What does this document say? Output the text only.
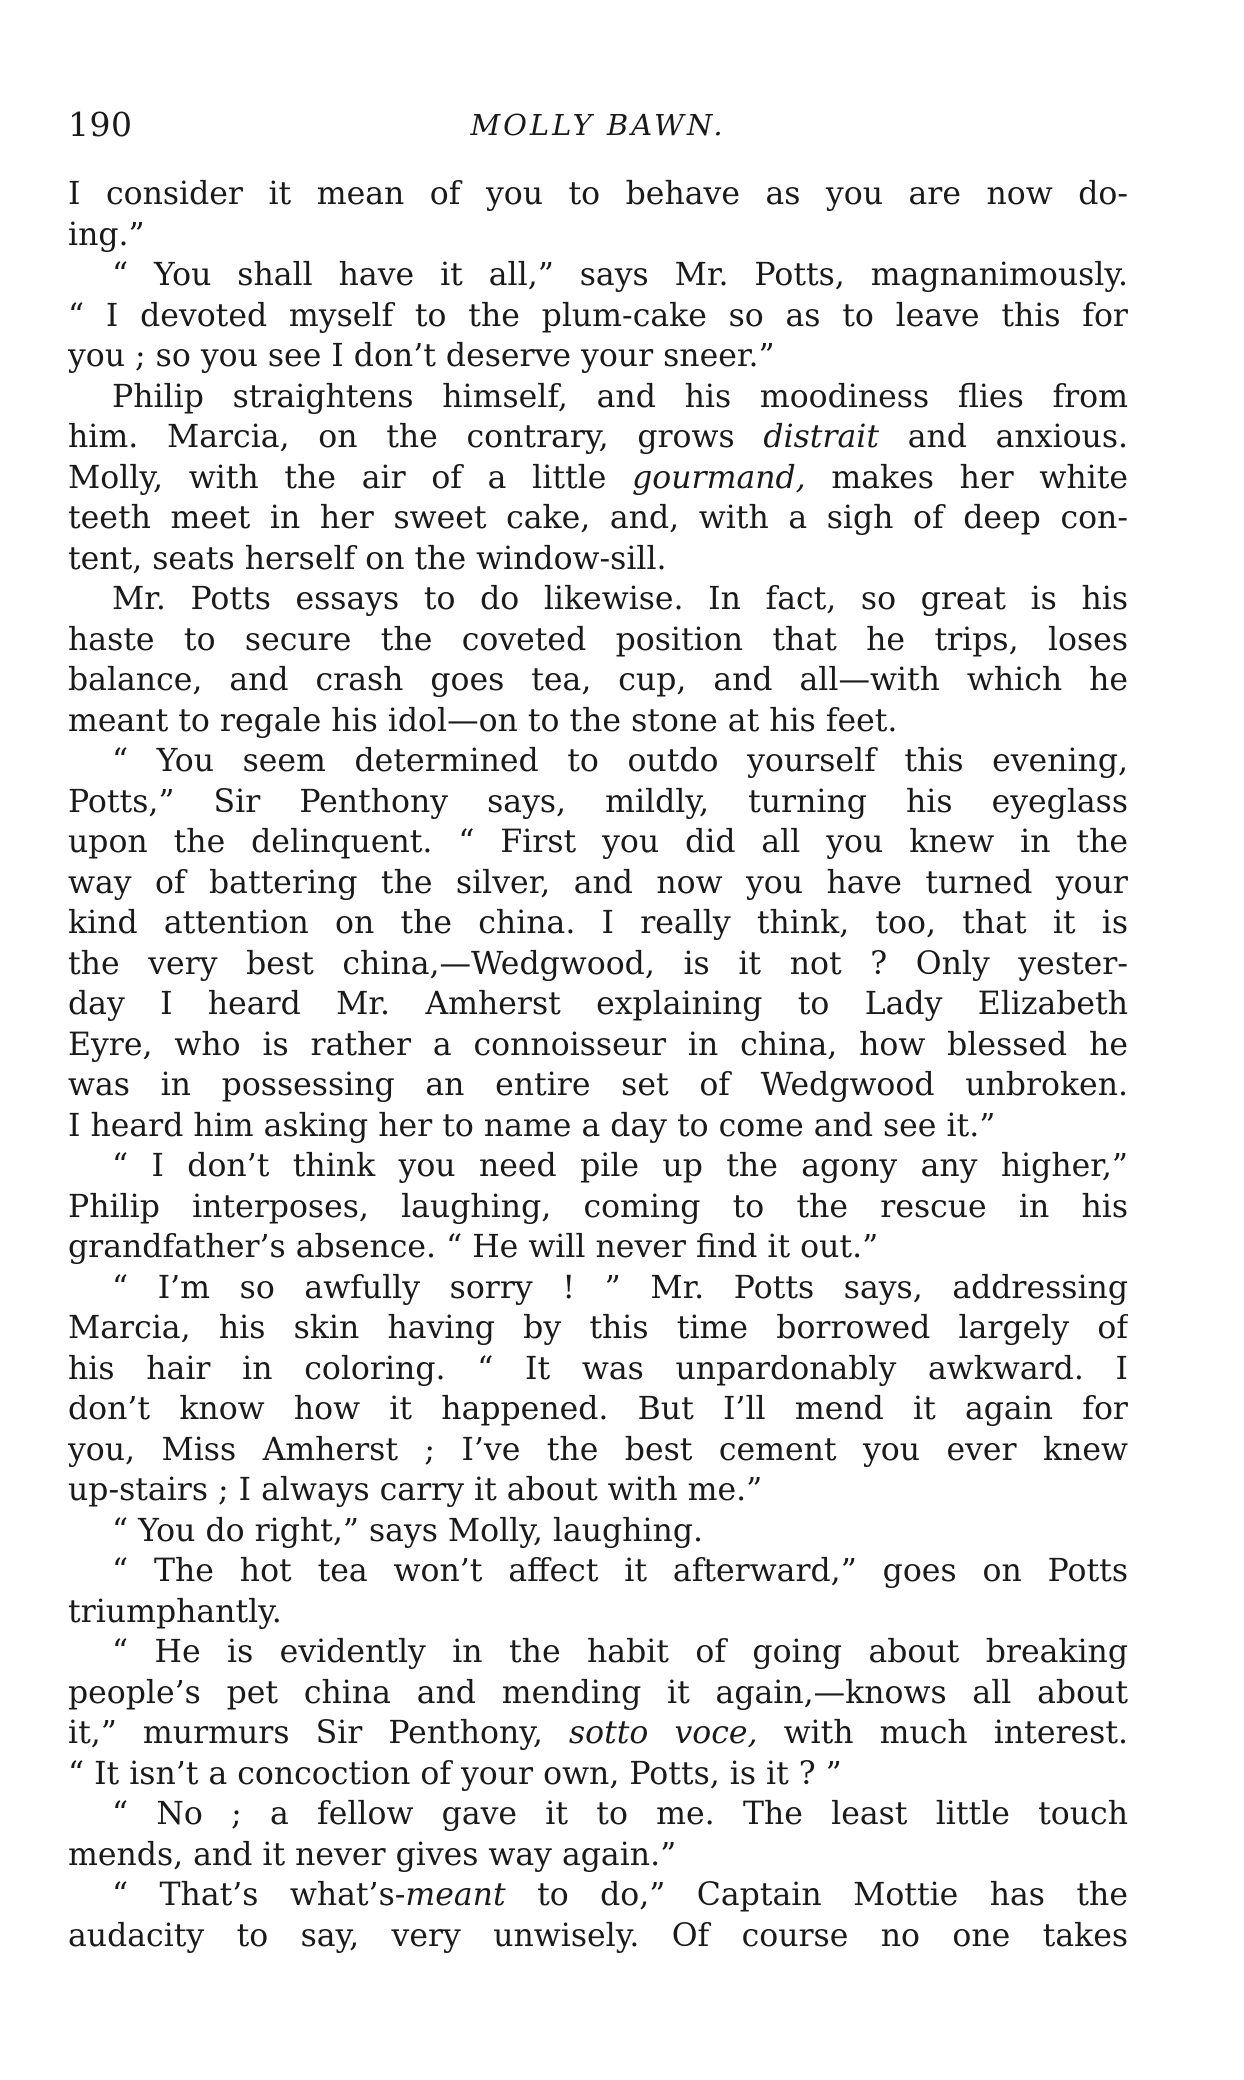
190	MOLLY BAWN.
I consider it mean of you to behave as you are now do-
ing.”
“ You shall have it all,” says Mr. Potts, magnanimously.
“ I devoted myself to the plum-cake so as to leave this for
you ; so you see I don’t deserve your sneer.”
Philip straightens himself, and his moodiness flies from
him. Marcia, on the contrary, grows distrait and anxious.
Molly, with the air of a little gourmand, makes her white
teeth meet in her sweet cake, and, with a sigh of deep con-
tent, seats herself on the window-sill.
Mr. Potts essays to do likewise. In fact, so great is his
haste to secure the coveted position that he trips, loses
balance, and crash goes tea, cup, and all—with which he
meant to regale his idol—on to the stone at his feet.
“ You seem determined to outdo yourself this evening,
Potts,” Sir Penthony says, mildly, turning his eyeglass
upon the delinquent. “ First you did all you knew in the
way of battering the silver, and now you have turned your
kind attention on the china. I really think, too, that it is
the very best china,—Wedgwood, is it not ? Only yester-
day I heard Mr. Amherst explaining to Lady Elizabeth
Eyre, who is rather a connoisseur in china, how blessed he
was in possessing an entire set of Wedgwood unbroken.
I heard him asking her to name a day to come and see it.”
“ I don’t think you need pile up the agony any higher,”
Philip interposes, laughing, coming to the rescue in his
grandfather’s absence. “ He will never find it out.”
“ I’m so awfully sorry ! ” Mr. Potts says, addressing
Marcia, his skin having by this time borrowed largely of
his hair in coloring. “ It was unpardonably awkward. I
don’t know how it happened. But I’ll mend it again for
you, Miss Amherst ; I’ve the best cement you ever knew
up-stairs ; I always carry it about with me.”
“ You do right,” says Molly, laughing.
“ The hot tea won’t affect it afterward,” goes on Potts
triumphantly.
“ He is evidently in the habit of going about breaking
people’s pet china and mending it again,—knows all about
it,” murmurs Sir Penthony, sotto voce, with much interest.
“ It isn’t a concoction of your own, Potts, is it ? ”
“ No ; a fellow gave it to me. The least little touch
mends, and it never gives way again.”
“ That’s what’s-meant to do,” Captain Mottie has the
audacity to say, very unwisely. Of course no one takes
